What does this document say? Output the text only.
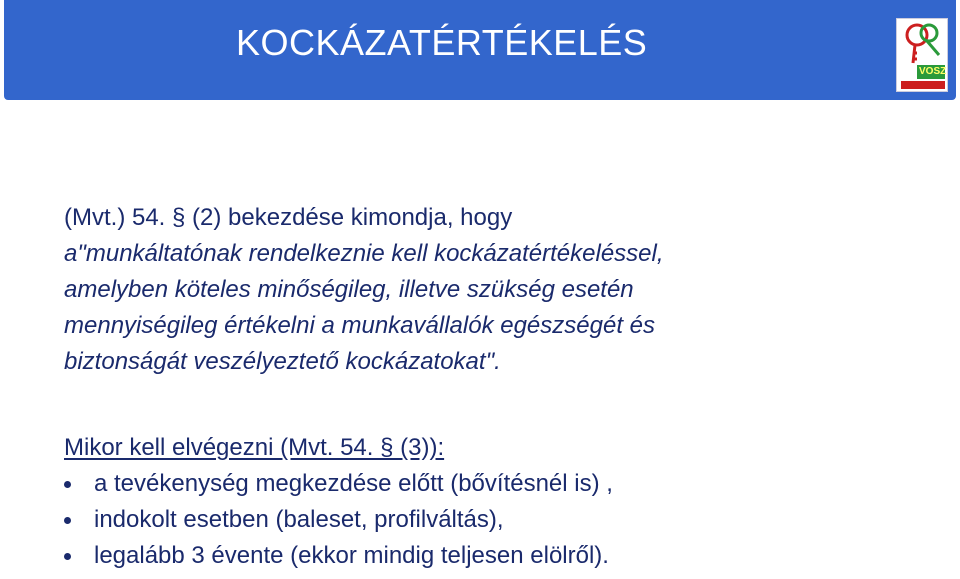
KOCKÁZATÉRTÉKELÉS
VOSZ
(Mvt.) 54. § (2) bekezdése kimondja, hogy
a"munkáltatónak rendelkeznie kell kockázatértékeléssel,
amelyben köteles minőségileg, illetve szükség esetén
mennyiségileg értékelni a munkavállalók egészségét és
biztonságát veszélyeztető kockázatokat".
Mikor kell elvégezni (Mvt. 54. § (3)):
a tevékenység megkezdése előtt (bővítésnél is) ,
indokolt esetben (baleset, profilváltás),
legalább 3 évente (ekkor mindig teljesen elölről).
